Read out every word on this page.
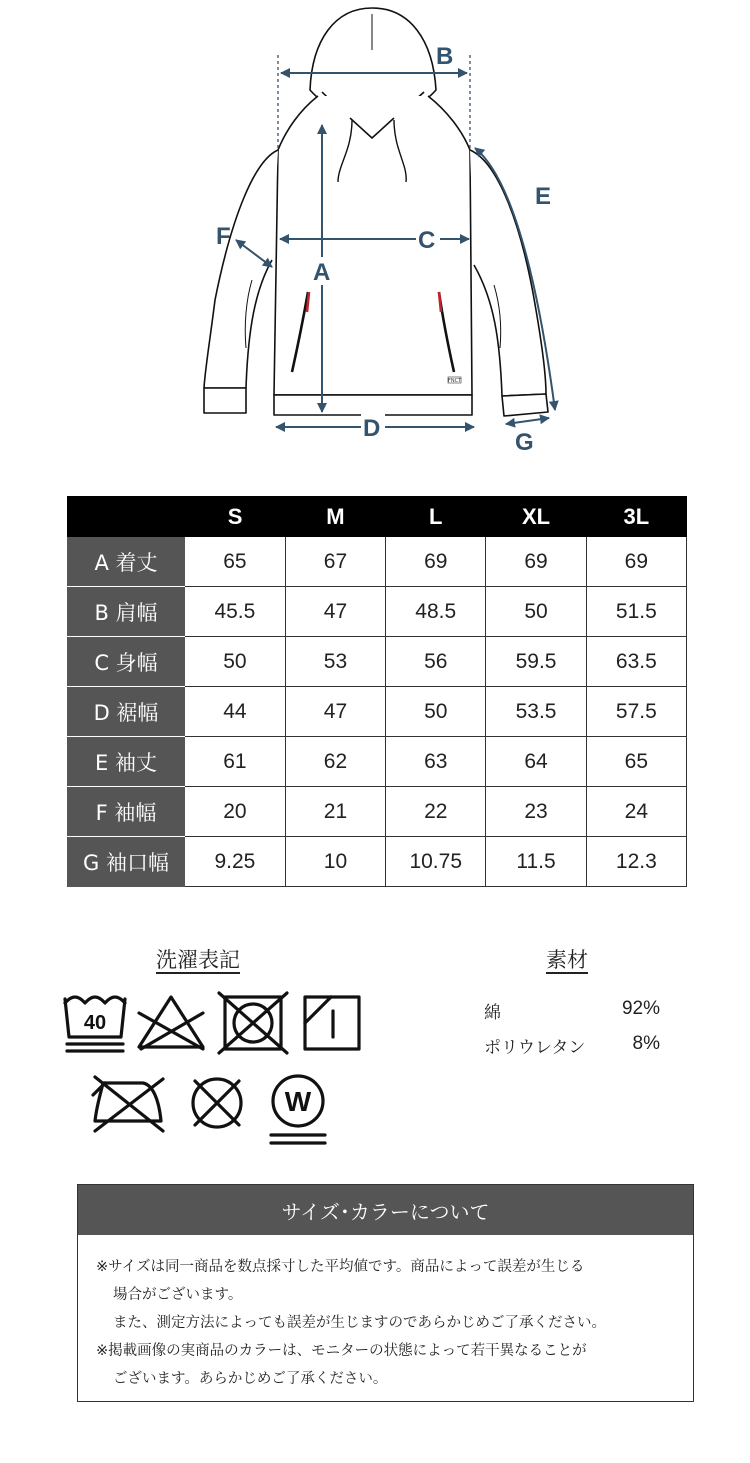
FNCT
B
A
C
D
E
F
G
	S	M	L	XL	3L
A 着丈	65	67	69	69	69
B 肩幅	45.5	47	48.5	50	51.5
C 身幅	50	53	56	59.5	63.5
D 裾幅	44	47	50	53.5	57.5
E 袖丈	61	62	63	64	65
F 袖幅	20	21	22	23	24
G 袖口幅	9.25	10	10.75	11.5	12.3
洗濯表記
40
W
素材
綿	92%
ポリウレタン 8%
サイズ･カラーについて
※サイズは同一商品を数点採寸した平均値です。商品によって誤差が生じる
場合がございます。
また、測定方法によっても誤差が生じますのであらかじめご了承ください。
※掲載画像の実商品のカラーは、モニターの状態によって若干異なることが
ございます。あらかじめご了承ください。
